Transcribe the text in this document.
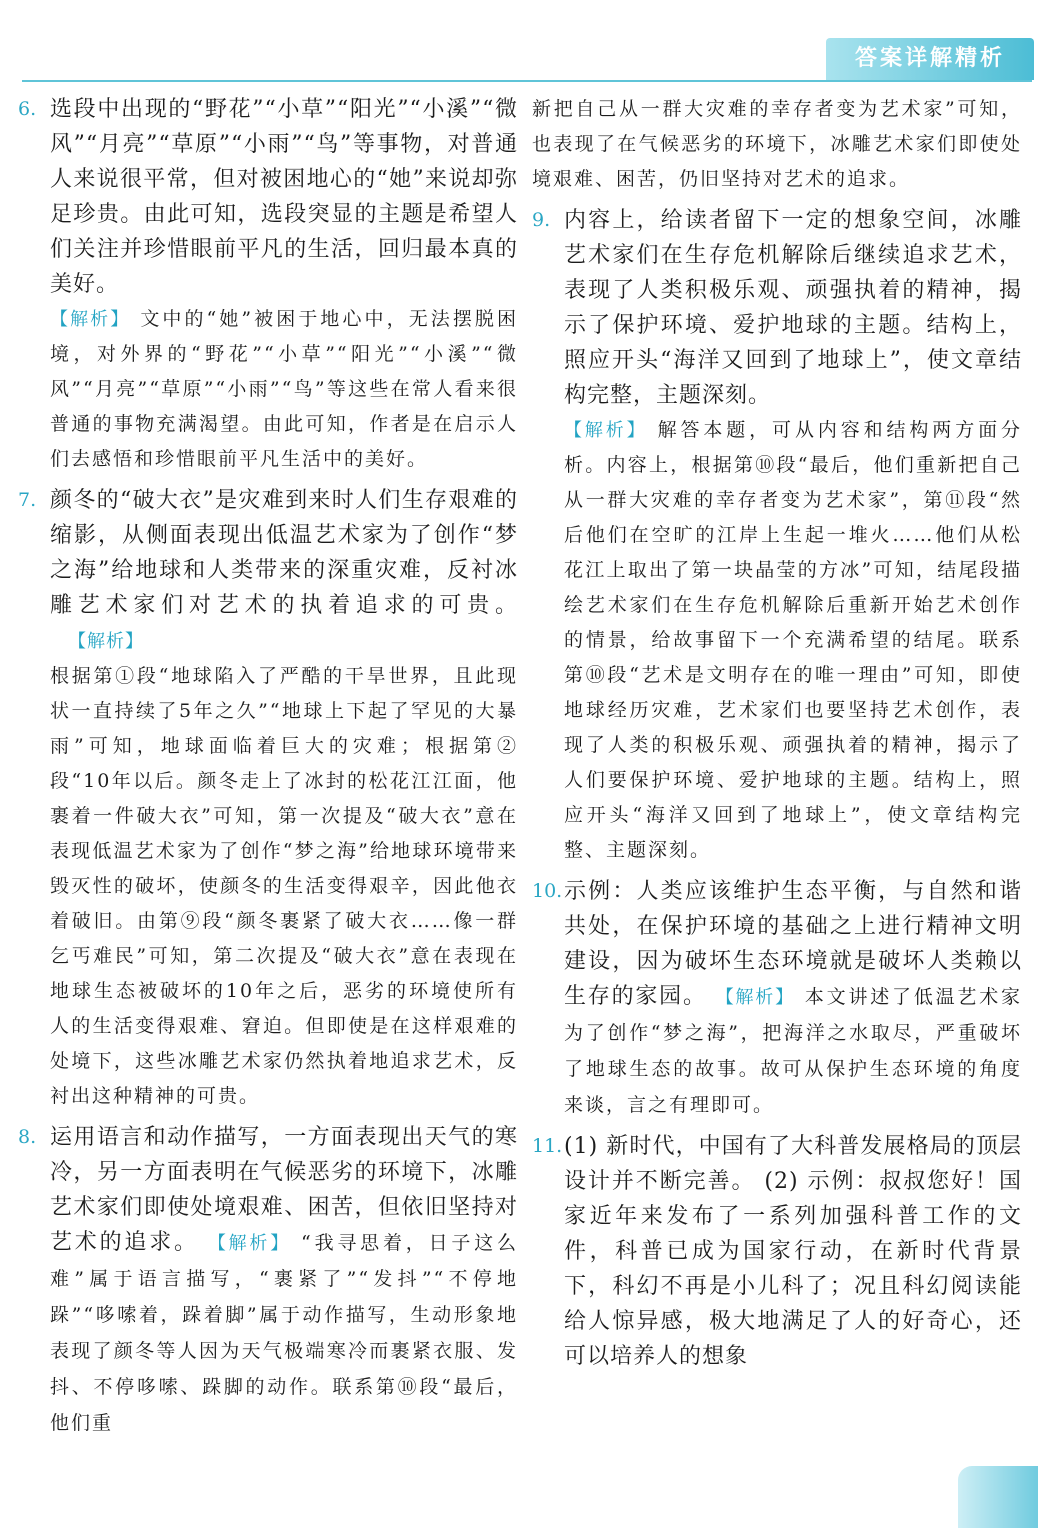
答案详解精析
6. 选段中出现的“野花”“小草”“阳光”“小溪”“微风”“月亮”“草原”“小雨”“鸟”等事物，对普通人来说很平常，但对被困地心的“她”来说却弥足珍贵。由此可知，选段突显的主题是希望人们关注并珍惜眼前平凡的生活，回归最本真的美好。

【解析】 文中的“她”被困于地心中，无法摆脱困境，对外界的“野花”“小草”“阳光”“小溪”“微风”“月亮”“草原”“小雨”“鸟”等这些在常人看来很普通的事物充满渴望。由此可知，作者是在启示人们去感悟和珍惜眼前平凡生活中的美好。

7. 颜冬的“破大衣”是灾难到来时人们生存艰难的缩影，从侧面表现出低温艺术家为了创作“梦之海”给地球和人类带来的深重灾难，反衬冰雕艺术家们对艺术的执着追求的可贵。【解析】

根据第①段“地球陷入了严酷的干旱世界，且此现状一直持续了5年之久”“地球上下起了罕见的大暴雨”可知，地球面临着巨大的灾难；根据第②段“10年以后。颜冬走上了冰封的松花江江面，他裹着一件破大衣”可知，第一次提及“破大衣”意在表现低温艺术家为了创作“梦之海”给地球环境带来毁灭性的破坏，使颜冬的生活变得艰辛，因此他衣着破旧。由第⑨段“颜冬裹紧了破大衣……像一群乞丐难民”可知，第二次提及“破大衣”意在表现在地球生态被破坏的10年之后，恶劣的环境使所有人的生活变得艰难、窘迫。但即使是在这样艰难的处境下，这些冰雕艺术家仍然执着地追求艺术，反衬出这种精神的可贵。

8. 运用语言和动作描写，一方面表现出天气的寒冷，另一方面表明在气候恶劣的环境下，冰雕艺术家们即使处境艰难、困苦，但依旧坚持对艺术的追求。 【解析】 “我寻思着，日子这么难”属于语言描写，“裹紧了”“发抖”“不停地跺”“哆嗦着，跺着脚”属于动作描写，生动形象地表现了颜冬等人因为天气极端寒冷而裹紧衣服、发抖、不停哆嗦、跺脚的动作。联系第⑩段“最后，他们重

新把自己从一群大灾难的幸存者变为艺术家”可知，也表现了在气候恶劣的环境下，冰雕艺术家们即使处境艰难、困苦，仍旧坚持对艺术的追求。

9. 内容上，给读者留下一定的想象空间，冰雕艺术家们在生存危机解除后继续追求艺术，表现了人类积极乐观、顽强执着的精神，揭示了保护环境、爱护地球的主题。结构上，照应开头“海洋又回到了地球上”，使文章结构完整，主题深刻。

【解析】 解答本题，可从内容和结构两方面分析。内容上，根据第⑩段“最后，他们重新把自己从一群大灾难的幸存者变为艺术家”，第⑪段“然后他们在空旷的江岸上生起一堆火……他们从松花江上取出了第一块晶莹的方冰”可知，结尾段描绘艺术家们在生存危机解除后重新开始艺术创作的情景，给故事留下一个充满希望的结尾。联系第⑩段“艺术是文明存在的唯一理由”可知，即使地球经历灾难，艺术家们也要坚持艺术创作，表现了人类的积极乐观、顽强执着的精神，揭示了人们要保护环境、爱护地球的主题。结构上，照应开头“海洋又回到了地球上”，使文章结构完整、主题深刻。

10. 示例：人类应该维护生态平衡，与自然和谐共处，在保护环境的基础之上进行精神文明建设，因为破坏生态环境就是破坏人类赖以生存的家园。 【解析】 本文讲述了低温艺术家为了创作“梦之海”，把海洋之水取尽，严重破坏了地球生态的故事。故可从保护生态环境的角度来谈，言之有理即可。

11. (1) 新时代，中国有了大科普发展格局的顶层设计并不断完善。 (2) 示例：叔叔您好！国家近年来发布了一系列加强科普工作的文件，科普已成为国家行动，在新时代背景下，科幻不再是小儿科了；况且科幻阅读能给人惊异感，极大地满足了人的好奇心，还可以培养人的想象
